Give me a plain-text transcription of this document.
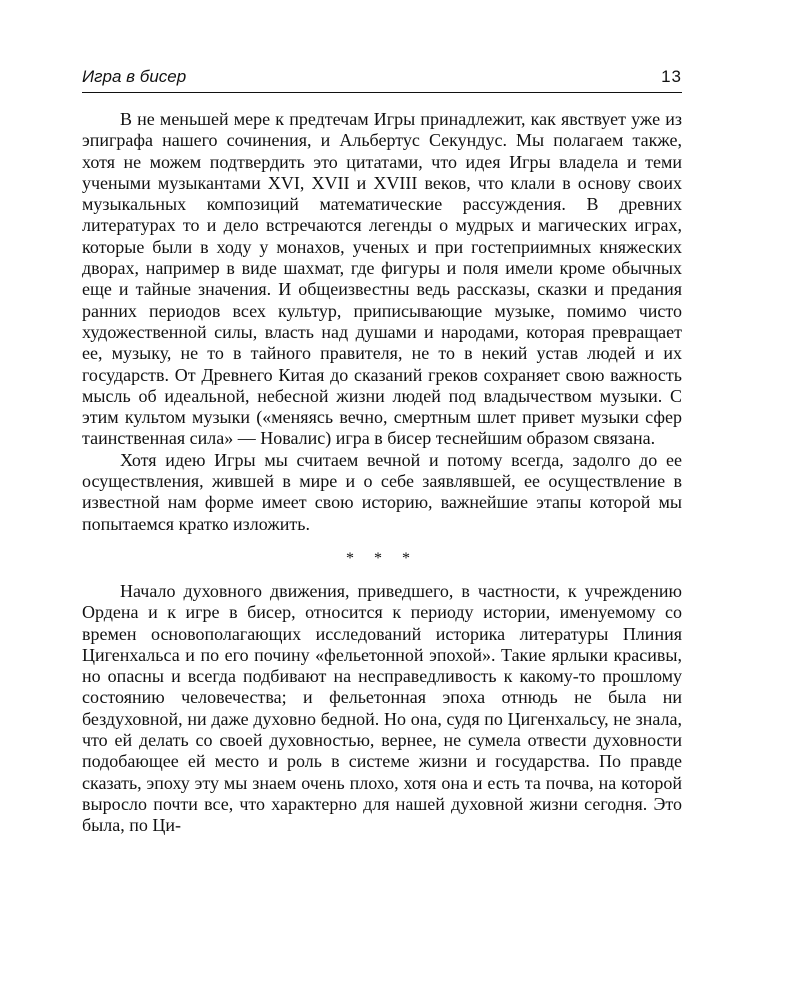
Игра в бисер	13

В не меньшей мере к предтечам Игры принадлежит, как явствует уже из эпиграфа нашего сочинения, и Альбертус Секундус. Мы полагаем также, хотя не можем подтвердить это цитатами, что идея Игры владела и теми учеными музыкантами XVI, XVII и XVIII веков, что клали в основу своих музыкальных композиций математические рассуждения. В древних литературах то и дело встречаются легенды о мудрых и магических играх, которые были в ходу у монахов, ученых и при гостеприимных княжеских дворах, например в виде шахмат, где фигуры и поля имели кроме обычных еще и тайные значения. И общеизвестны ведь рассказы, сказки и предания ранних периодов всех культур, приписывающие музыке, помимо чисто художественной силы, власть над душами и народами, которая превращает ее, музыку, не то в тайного правителя, не то в некий устав людей и их государств. От Древнего Китая до сказаний греков сохраняет свою важность мысль об идеальной, небесной жизни людей под владычеством музыки. С этим культом музыки («меняясь вечно, смертным шлет привет музыки сфер таинственная сила» — Новалис) игра в бисер теснейшим образом связана.

Хотя идею Игры мы считаем вечной и потому всегда, задолго до ее осуществления, жившей в мире и о себе заявлявшей, ее осуществление в известной нам форме имеет свою историю, важнейшие этапы которой мы попытаемся кратко изложить.

* * *

Начало духовного движения, приведшего, в частности, к учреждению Ордена и к игре в бисер, относится к периоду истории, именуемому со времен основополагающих исследований историка литературы Плиния Цигенхальса и по его почину «фельетонной эпохой». Такие ярлыки красивы, но опасны и всегда подбивают на несправедливость к какому-то прошлому состоянию человечества; и фельетонная эпоха отнюдь не была ни бездуховной, ни даже духовно бедной. Но она, судя по Цигенхальсу, не знала, что ей делать со своей духовностью, вернее, не сумела отвести духовности подобающее ей место и роль в системе жизни и государства. По правде сказать, эпоху эту мы знаем очень плохо, хотя она и есть та почва, на которой выросло почти все, что характерно для нашей духовной жизни сегодня. Это была, по Ци-
